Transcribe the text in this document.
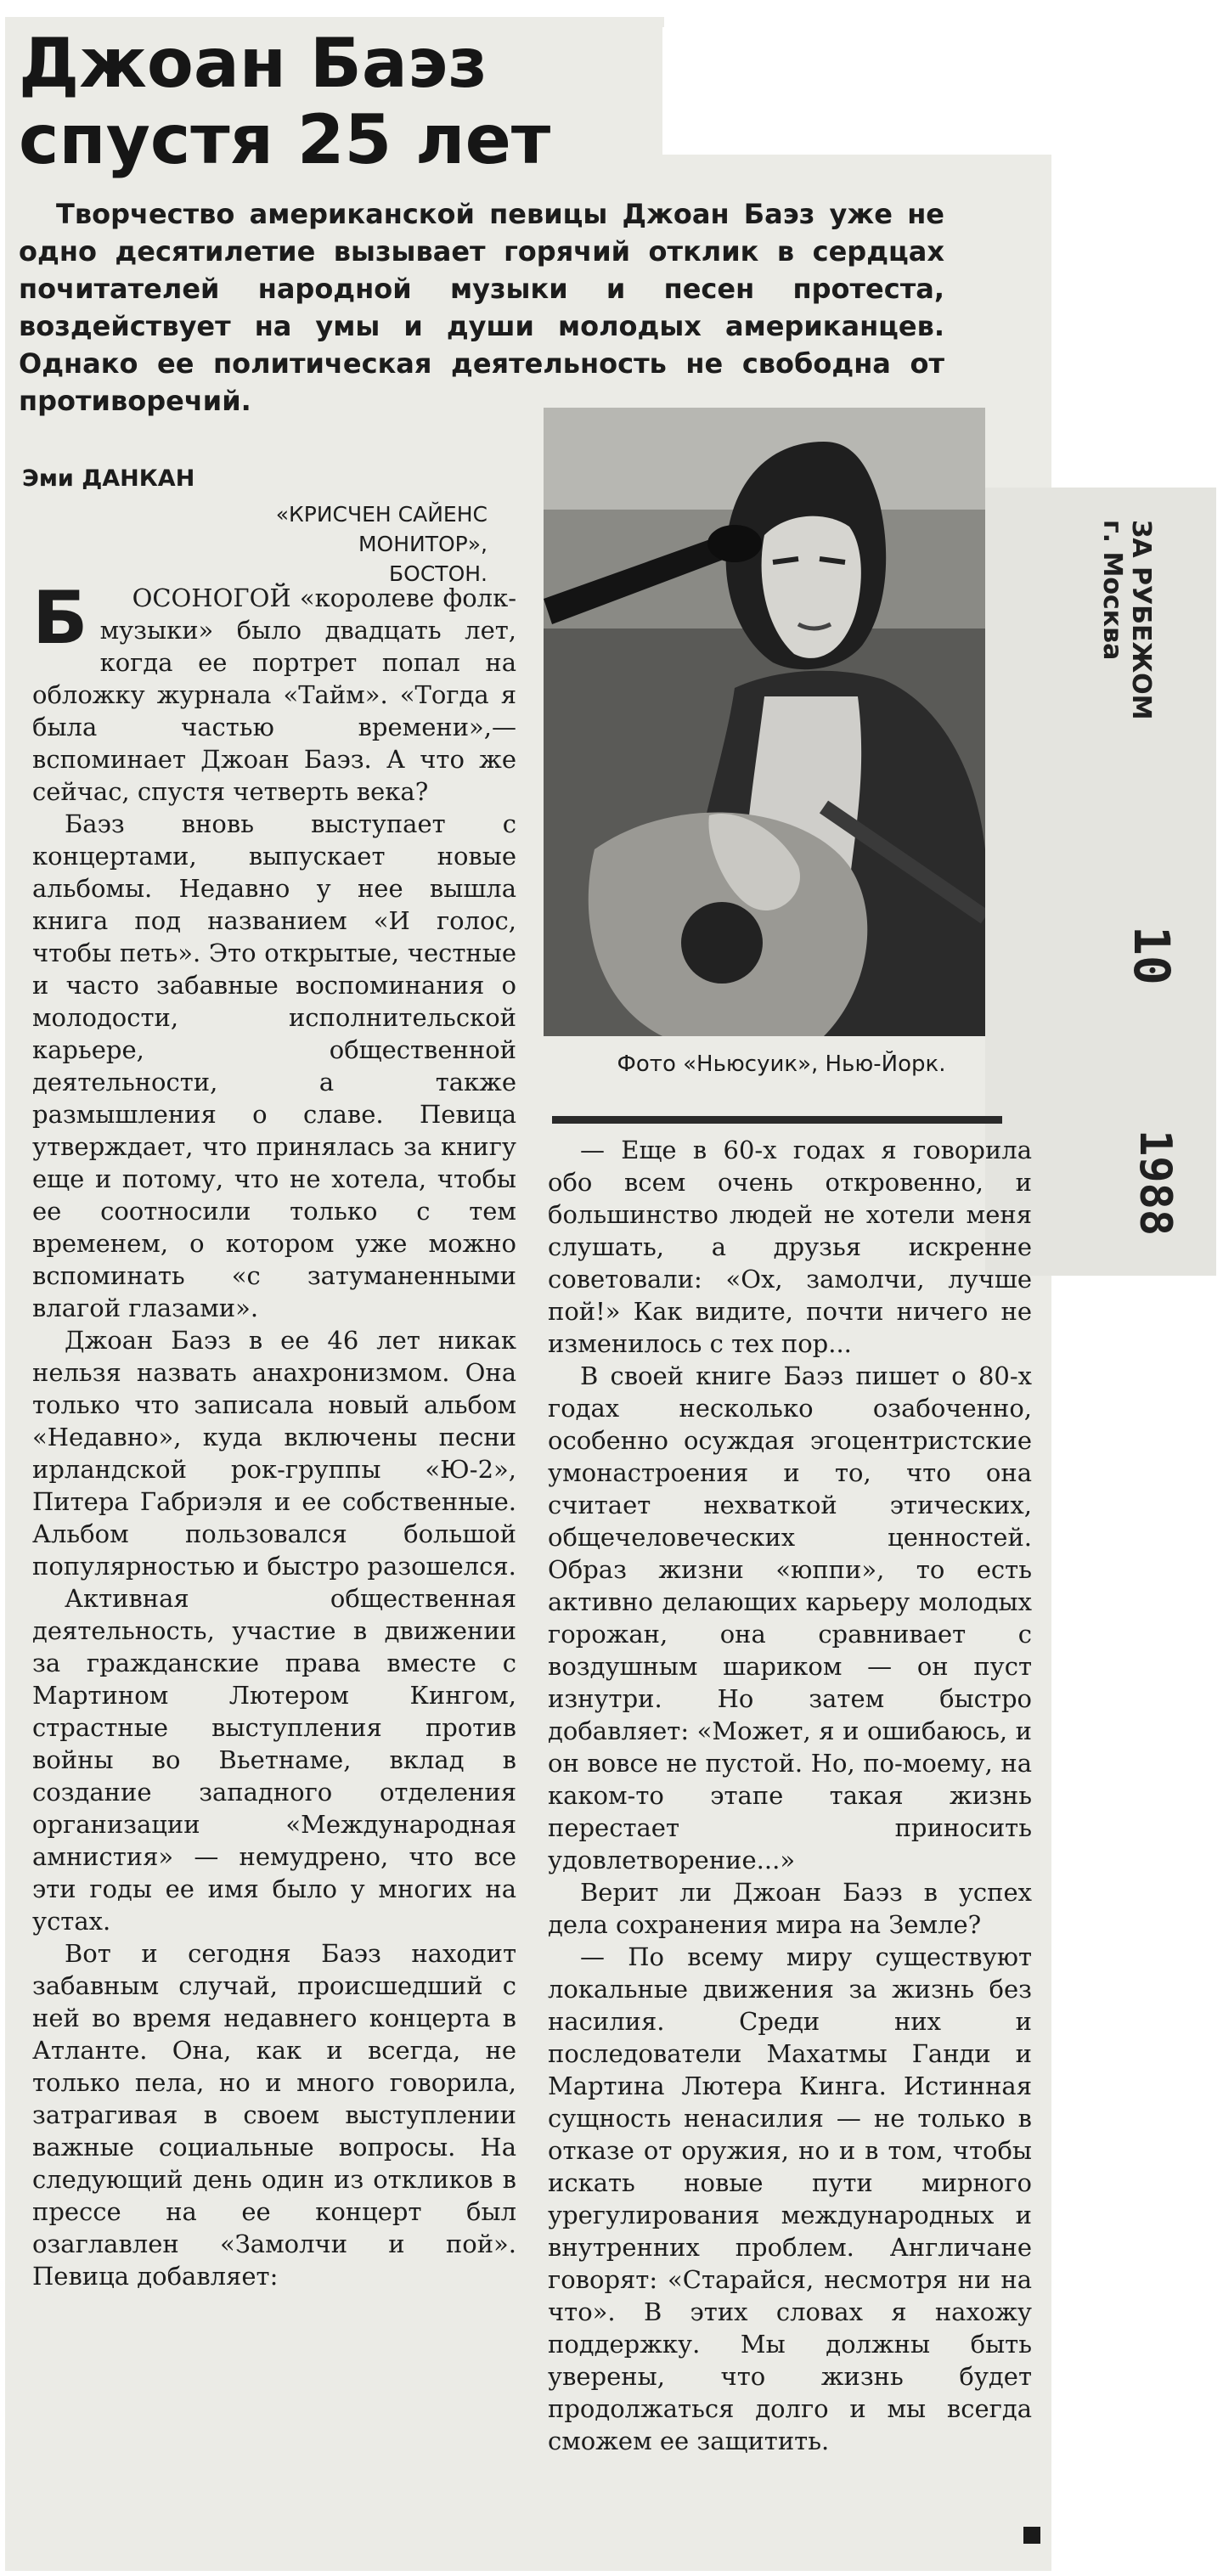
Джоан Баэз
спустя 25 лет

Творчество американской певицы Джоан Баэз уже не одно десятилетие вызывает горячий отклик в сердцах почитателей народной музыки и песен протеста, воздействует на умы и души молодых американцев. Однако ее политическая деятельность не свободна от противоречий.

Эми ДАНКАН

«КРИСЧЕН САЙЕНС МОНИТОР», БОСТОН.

Фото «Ньюсуик», Нью-Йорк.

Б ОСОНОГОЙ «королеве фолк-музыки» было двадцать лет, когда ее портрет попал на обложку журнала «Тайм». «Тогда я была частью времени»,— вспоминает Джоан Баэз. А что же сейчас, спустя четверть века?

Баэз вновь выступает с концертами, выпускает новые альбомы. Недавно у нее вышла книга под названием «И голос, чтобы петь». Это открытые, честные и часто забавные воспоминания о молодости, исполнительской карьере, общественной деятельности, а также размышления о славе. Певица утверждает, что принялась за книгу еще и потому, что не хотела, чтобы ее соотносили только с тем временем, о котором уже можно вспоминать «с затуманенными влагой глазами».

Джоан Баэз в ее 46 лет никак нельзя назвать анахронизмом. Она только что записала новый альбом «Недавно», куда включены песни ирландской рок-группы «Ю-2», Питера Габриэля и ее собственные. Альбом пользовался большой популярностью и быстро разошелся.

Активная общественная деятельность, участие в движении за гражданские права вместе с Мартином Лютером Кингом, страстные выступления против войны во Вьетнаме, вклад в создание западного отделения организации «Международная амнистия» — немудрено, что все эти годы ее имя было у многих на устах.

Вот и сегодня Баэз находит забавным случай, происшедший с ней во время недавнего концерта в Атланте. Она, как и всегда, не только пела, но и много говорила, затрагивая в своем выступлении важные социальные вопросы. На следующий день один из откликов в прессе на ее концерт был озаглавлен «Замолчи и пой». Певица добавляет:

— Еще в 60-х годах я говорила обо всем очень откровенно, и большинство людей не хотели меня слушать, а друзья искренне советовали: «Ох, замолчи, лучше пой!» Как видите, почти ничего не изменилось с тех пор...

В своей книге Баэз пишет о 80-х годах несколько озабоченно, особенно осуждая эгоцентристские умонастроения и то, что она считает нехваткой этических, общечеловеческих ценностей. Образ жизни «юппи», то есть активно делающих карьеру молодых горожан, она сравнивает с воздушным шариком — он пуст изнутри. Но затем быстро добавляет: «Может, я и ошибаюсь, и он вовсе не пустой. Но, по-моему, на каком-то этапе такая жизнь перестает приносить удовлетворение...»

Верит ли Джоан Баэз в успех дела сохранения мира на Земле?

— По всему миру существуют локальные движения за жизнь без насилия. Среди них и последователи Махатмы Ганди и Мартина Лютера Кинга. Истинная сущность ненасилия — не только в отказе от оружия, но и в том, чтобы искать новые пути мирного урегулирования международных и внутренних проблем. Англичане говорят: «Старайся, несмотря ни на что». В этих словах я нахожу поддержку. Мы должны быть уверены, что жизнь будет продолжаться долго и мы всегда сможем ее защитить.

ЗА РУБЕЖОМ
г. Москва
10
1988
